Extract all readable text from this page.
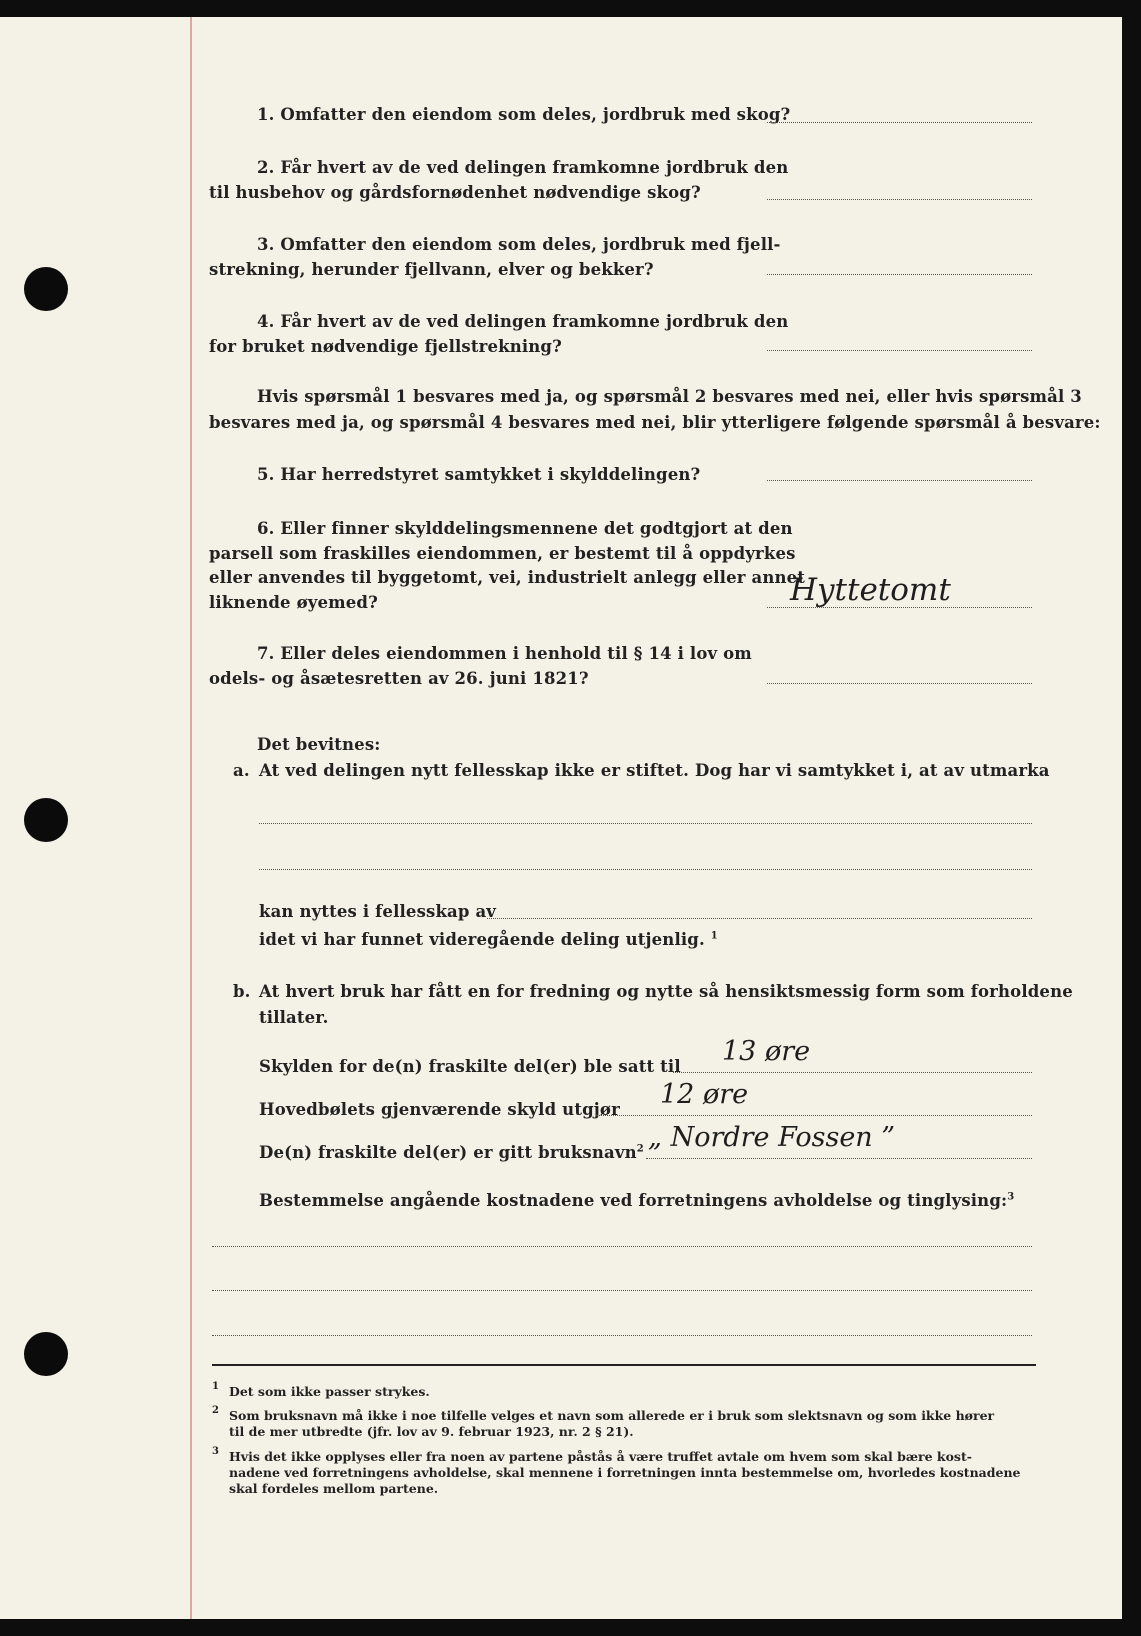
1. Omfatter den eiendom som deles, jordbruk med skog?
2. Får hvert av de ved delingen framkomne jordbruk den
til husbehov og gårdsfornødenhet nødvendige skog?
3. Omfatter den eiendom som deles, jordbruk med fjell-
strekning, herunder fjellvann, elver og bekker?
4. Får hvert av de ved delingen framkomne jordbruk den
for bruket nødvendige fjellstrekning?
Hvis spørsmål 1 besvares med ja, og spørsmål 2 besvares med nei, eller hvis spørsmål 3
besvares med ja, og spørsmål 4 besvares med nei, blir ytterligere følgende spørsmål å besvare:
5. Har herredstyret samtykket i skylddelingen?
6. Eller finner skylddelingsmennene det godtgjort at den
parsell som fraskilles eiendommen, er bestemt til å oppdyrkes
eller anvendes til byggetomt, vei, industrielt anlegg eller annet
liknende øyemed?	Hyttetomt
7. Eller deles eiendommen i henhold til § 14 i lov om
odels- og åsætesretten av 26. juni 1821?
Det bevitnes:
a. At ved delingen nytt fellesskap ikke er stiftet. Dog har vi samtykket i, at av utmarka
kan nyttes i fellesskap av
idet vi har funnet videregående deling utjenlig. $^1$
b. At hvert bruk har fått en for fredning og nytte så hensiktsmessig form som forholdene
tillater.
Skylden for de(n) fraskilte del(er) ble satt til 13 øre
Hovedbølets gjenværende skyld utgjør 12 øre
De(n) fraskilte del(er) er gitt bruksnavn$^2$ „ Nordre Fossen ”
Bestemmelse angående kostnadene ved forretningens avholdelse og tinglysing:$^3$
1 Det som ikke passer strykes.
2 Som bruksnavn må ikke i noe tilfelle velges et navn som allerede er i bruk som slektsnavn og som ikke hører
til de mer utbredte (jfr. lov av 9. februar 1923, nr. 2 § 21).
3 Hvis det ikke opplyses eller fra noen av partene påstås å være truffet avtale om hvem som skal bære kost-
nadene ved forretningens avholdelse, skal mennene i forretningen innta bestemmelse om, hvorledes kostnadene
skal fordeles mellom partene.
